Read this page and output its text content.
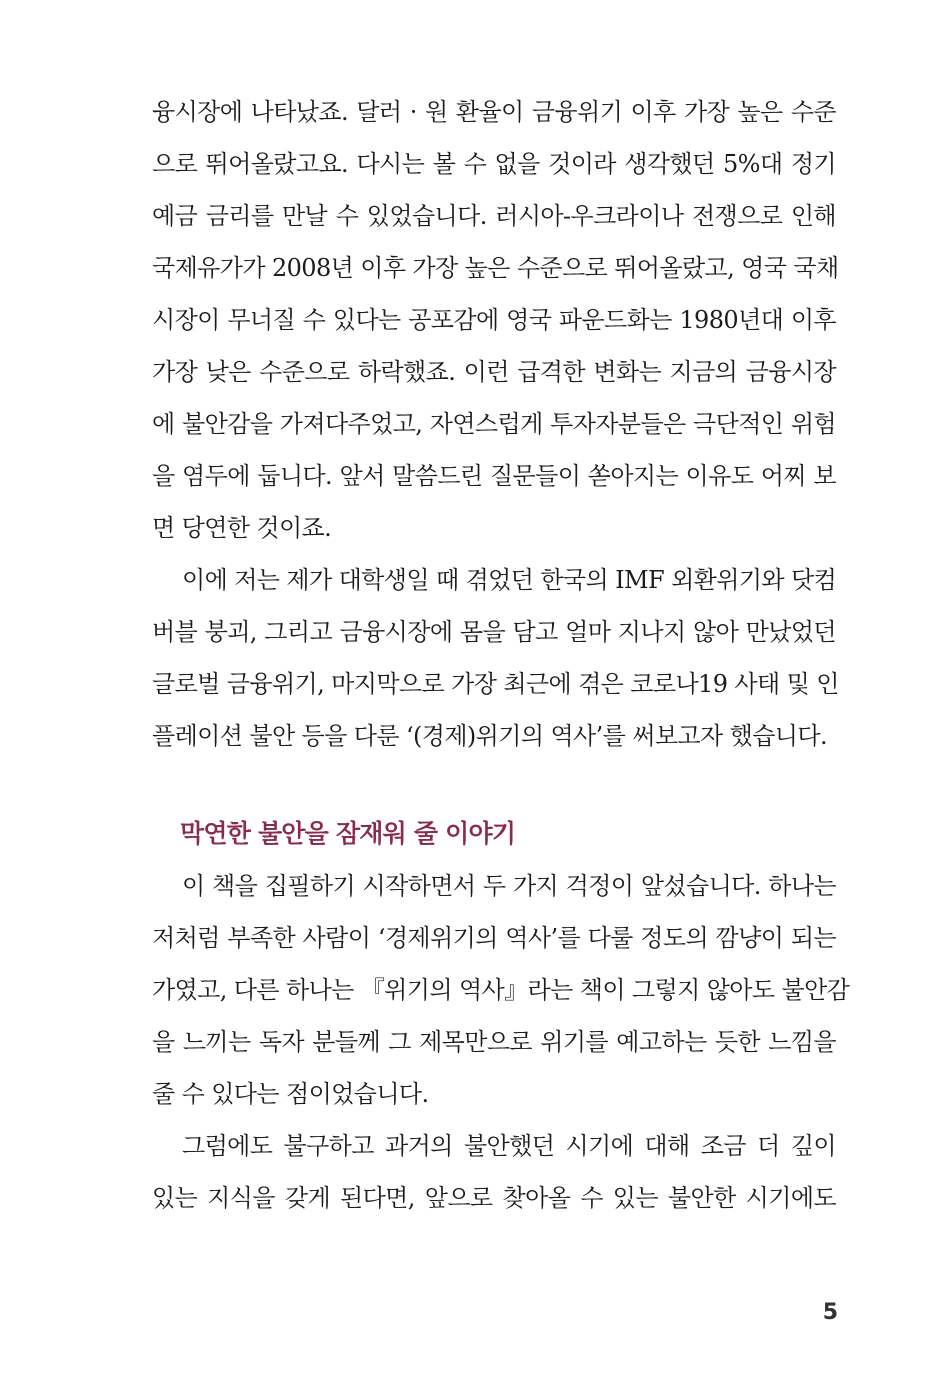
융시장에 나타났죠. 달러 · 원 환율이 금융위기 이후 가장 높은 수준
으로 뛰어올랐고요. 다시는 볼 수 없을 것이라 생각했던 5%대 정기
예금 금리를 만날 수 있었습니다. 러시아-우크라이나 전쟁으로 인해
국제유가가 2008년 이후 가장 높은 수준으로 뛰어올랐고, 영국 국채
시장이 무너질 수 있다는 공포감에 영국 파운드화는 1980년대 이후
가장 낮은 수준으로 하락했죠. 이런 급격한 변화는 지금의 금융시장
에 불안감을 가져다주었고, 자연스럽게 투자자분들은 극단적인 위험
을 염두에 둡니다. 앞서 말씀드린 질문들이 쏟아지는 이유도 어찌 보
면 당연한 것이죠.
이에 저는 제가 대학생일 때 겪었던 한국의 IMF 외환위기와 닷컴
버블 붕괴, 그리고 금융시장에 몸을 담고 얼마 지나지 않아 만났었던
글로벌 금융위기, 마지막으로 가장 최근에 겪은 코로나19 사태 및 인
플레이션 불안 등을 다룬 ‘(경제)위기의 역사’를 써보고자 했습니다.
막연한 불안을 잠재워 줄 이야기
이 책을 집필하기 시작하면서 두 가지 걱정이 앞섰습니다. 하나는
저처럼 부족한 사람이 ‘경제위기의 역사’를 다룰 정도의 깜냥이 되는
가였고, 다른 하나는 『위기의 역사』라는 책이 그렇지 않아도 불안감
을 느끼는 독자 분들께 그 제목만으로 위기를 예고하는 듯한 느낌을
줄 수 있다는 점이었습니다.
그럼에도 불구하고 과거의 불안했던 시기에 대해 조금 더 깊이
있는 지식을 갖게 된다면, 앞으로 찾아올 수 있는 불안한 시기에도
5
